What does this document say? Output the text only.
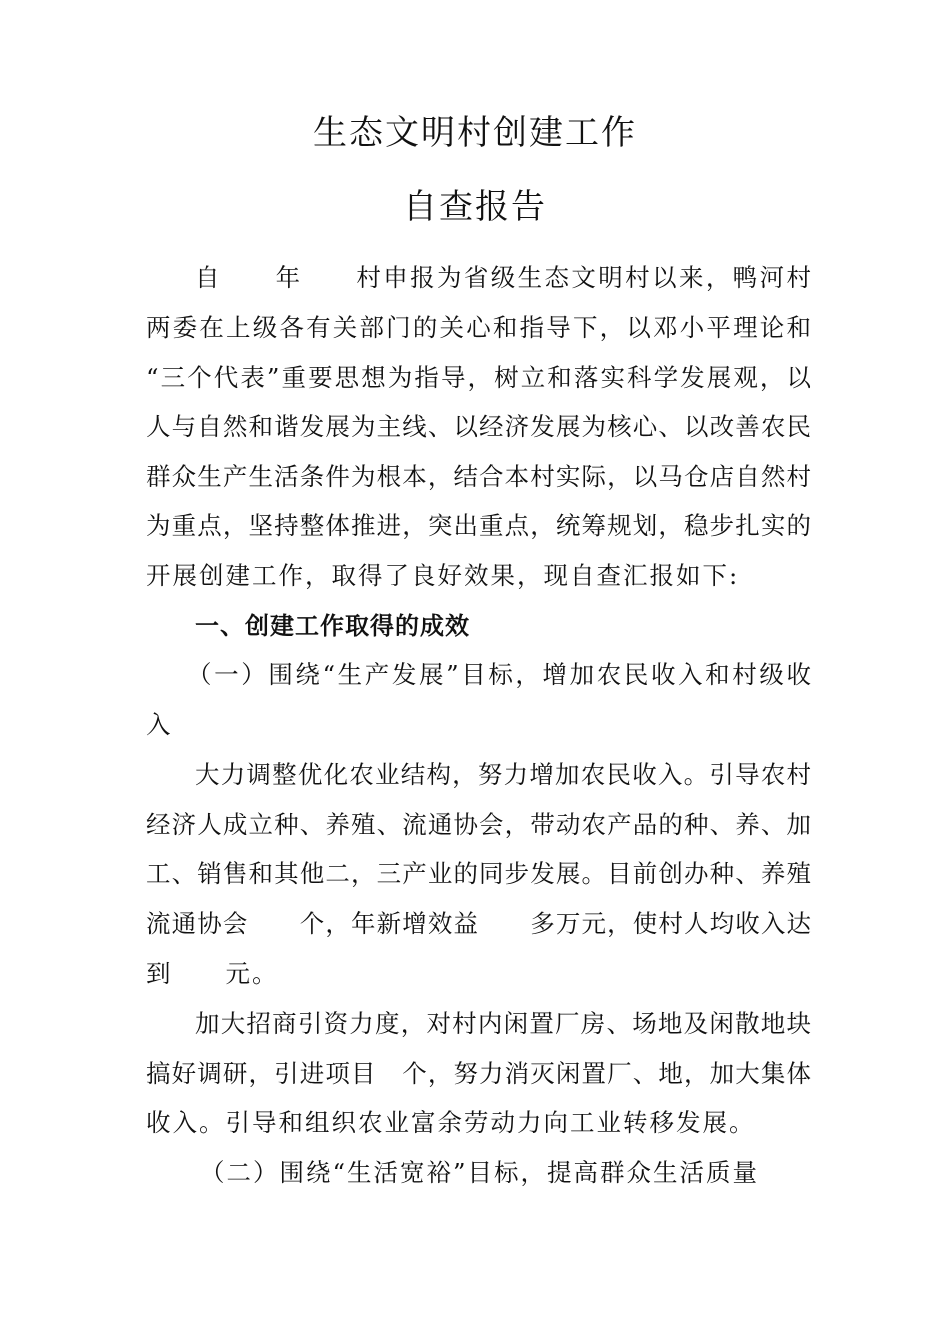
生态文明村创建工作
自查报告
自　　年　　村申报为省级生态文明村以来，鸭河村
两委在上级各有关部门的关心和指导下，以邓小平理论和
“三个代表”重要思想为指导，树立和落实科学发展观，以
人与自然和谐发展为主线、以经济发展为核心、以改善农民
群众生产生活条件为根本，结合本村实际，以马仓店自然村
为重点，坚持整体推进，突出重点，统筹规划，稳步扎实的
开展创建工作，取得了良好效果，现自查汇报如下:
一、创建工作取得的成效
（一）围绕“生产发展”目标，增加农民收入和村级收
入
大力调整优化农业结构，努力增加农民收入。引导农村
经济人成立种、养殖、流通协会，带动农产品的种、养、加
工、销售和其他二，三产业的同步发展。目前创办种、养殖
流通协会　　个，年新增效益　　多万元，使村人均收入达
到　　元。
加大招商引资力度，对村内闲置厂房、场地及闲散地块
搞好调研，引进项目　个，努力消灭闲置厂、地，加大集体
收入。引导和组织农业富余劳动力向工业转移发展。
（二）围绕“生活宽裕”目标，提高群众生活质量
